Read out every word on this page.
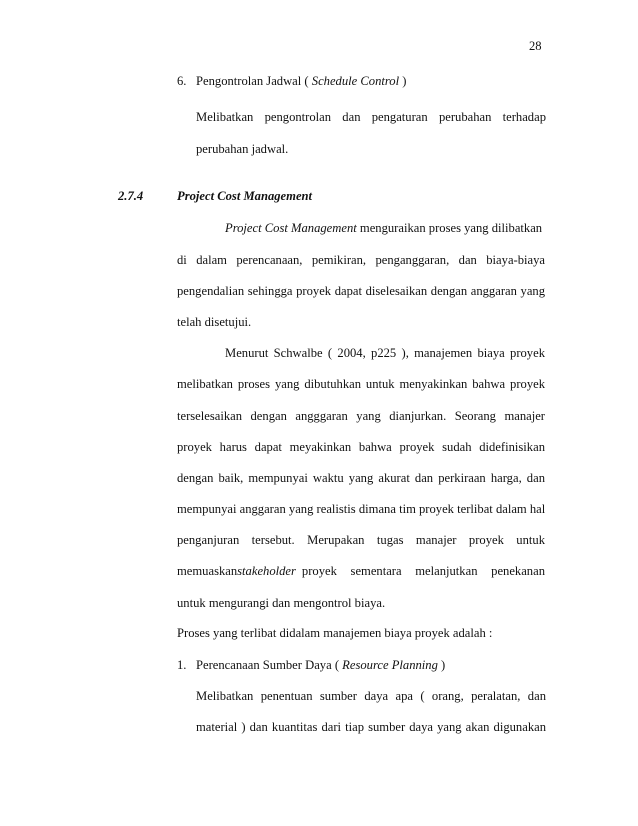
28
6. Pengontrolan Jadwal ( Schedule Control )
Melibatkan pengontrolan dan pengaturan perubahan terhadap
perubahan jadwal.
2.7.4	Project Cost Management
Project Cost Management menguraikan proses yang dilibatkan
di dalam perencanaan, pemikiran, penganggaran, dan biaya-biaya
pengendalian sehingga proyek dapat diselesaikan dengan anggaran yang
telah disetujui.
Menurut Schwalbe ( 2004, p225 ), manajemen biaya proyek
melibatkan proses yang dibutuhkan untuk menyakinkan bahwa proyek
terselesaikan dengan angggaran yang dianjurkan. Seorang manajer
proyek harus dapat meyakinkan bahwa proyek sudah didefinisikan
dengan baik, mempunyai waktu yang akurat dan perkiraan harga, dan
mempunyai anggaran yang realistis dimana tim proyek terlibat dalam hal
penganjuran tersebut. Merupakan tugas manajer proyek untuk
memuaskan stakeholder proyek sementara melanjutkan penekanan
untuk mengurangi dan mengontrol biaya.
Proses yang terlibat didalam manajemen biaya proyek adalah :
1. Perencanaan Sumber Daya ( Resource Planning )
Melibatkan penentuan sumber daya apa ( orang, peralatan, dan
material ) dan kuantitas dari tiap sumber daya yang akan digunakan
